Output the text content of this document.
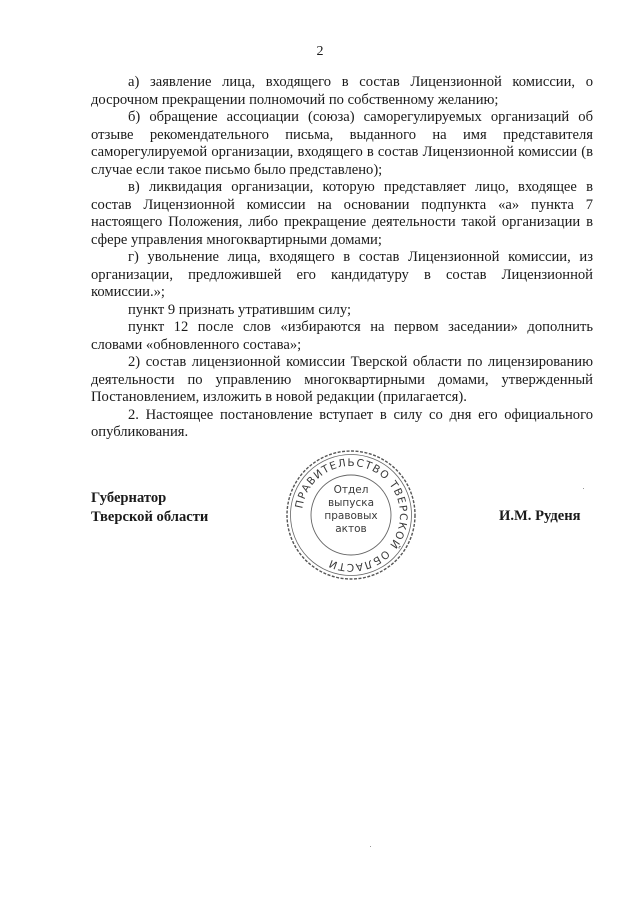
2

а) заявление лица, входящего в состав Лицензионной комиссии, о досрочном прекращении полномочий по собственному желанию;

б) обращение ассоциации (союза) саморегулируемых организаций об отзыве рекомендательного письма, выданного на имя представителя саморегулируемой организации, входящего в состав Лицензионной комиссии (в случае если такое письмо было представлено);

в) ликвидация организации, которую представляет лицо, входящее в состав Лицензионной комиссии на основании подпункта «а» пункта 7 настоящего Положения, либо прекращение деятельности такой организации в сфере управления многоквартирными домами;

г) увольнение лица, входящего в состав Лицензионной комиссии, из организации, предложившей его кандидатуру в состав Лицензионной комиссии.»;

пункт 9 признать утратившим силу;

пункт 12 после слов «избираются на первом заседании» дополнить словами «обновленного состава»;

2) состав лицензионной комиссии Тверской области по лицензированию деятельности по управлению многоквартирными домами, утвержденный Постановлением, изложить в новой редакции (прилагается).

2. Настоящее постановление вступает в силу со дня его официального опубликования.

Губернатор
Тверской области
ПРАВИТЕЛЬСТВО ТВЕРСКОЙ ОБЛАСТИ
Отдел
выпуска
правовых
актов
И.М. Руденя
